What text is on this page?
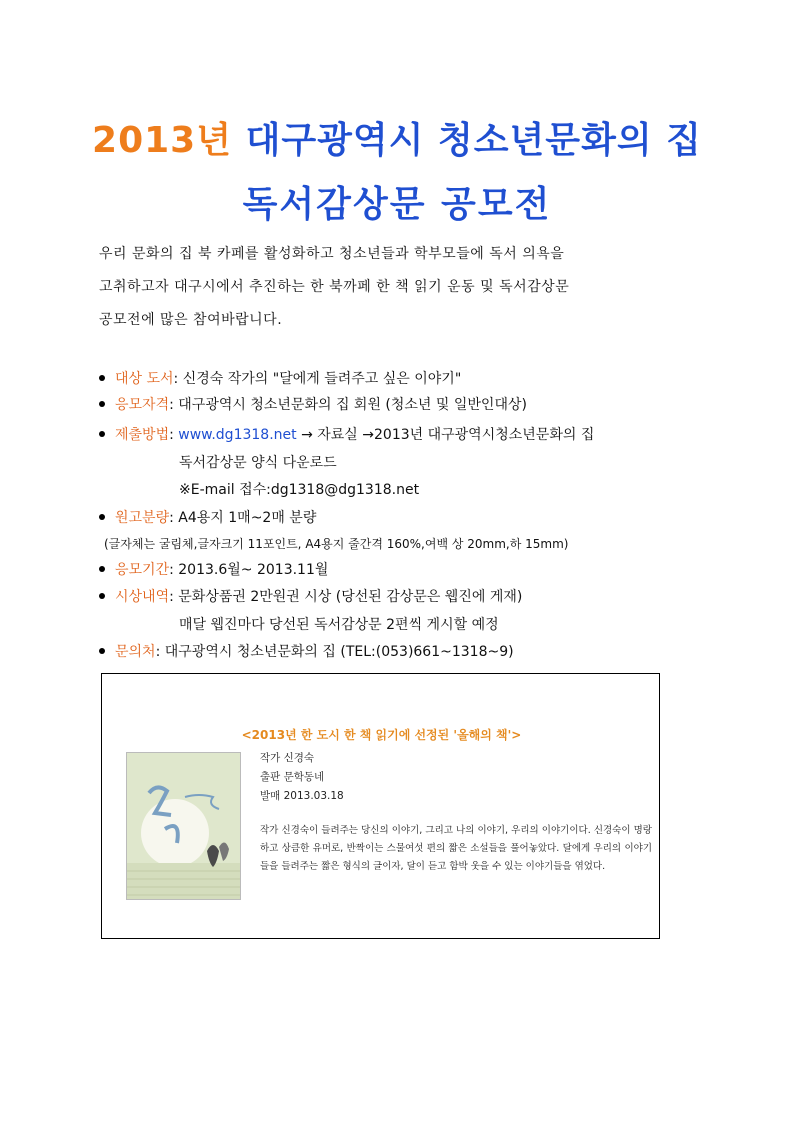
2013년 대구광역시 청소년문화의 집
독서감상문 공모전
우리 문화의 집 북 카페를 활성화하고 청소년들과 학부모들에 독서 의욕을
고취하고자 대구시에서 추진하는 한 북까페 한 책 읽기 운동 및 독서감상문
공모전에 많은 참여바랍니다.
대상 도서: 신경숙 작가의 "달에게 들려주고 싶은 이야기"
응모자격: 대구광역시 청소년문화의 집 회원 (청소년 및 일반인대상)
제출방법: www.dg1318.net → 자료실 →2013년 대구광역시청소년문화의 집
독서감상문 양식 다운로드
※E-mail 접수:dg1318@dg1318.net
원고분량: A4용지 1매~2매 분량
(글자체는 굴림체,글자크기 11포인트, A4용지 줄간격 160%,여백 상 20mm,하 15mm)
응모기간: 2013.6월~ 2013.11월
시상내역: 문화상품권 2만원권 시상 (당선된 감상문은 웹진에 게재)
매달 웹진마다 당선된 독서감상문 2편씩 게시할 예정
문의처: 대구광역시 청소년문화의 집 (TEL:(053)661~1318~9)
<2013년 한 도시 한 책 읽기에 선정된 '올해의 책'>
작가 신경숙
출판 문학동네
발매 2013.03.18
작가 신경숙이 들려주는 당신의 이야기, 그리고 나의 이야기, 우리의 이야기이다. 신경숙이 명랑하고 상큼한 유머로, 반짝이는 스물여섯 편의 짧은 소설들을 풀어놓았다. 달에게 우리의 이야기들을 들려주는 짧은 형식의 글이자, 달이 듣고 함박 웃을 수 있는 이야기들을 엮었다.
